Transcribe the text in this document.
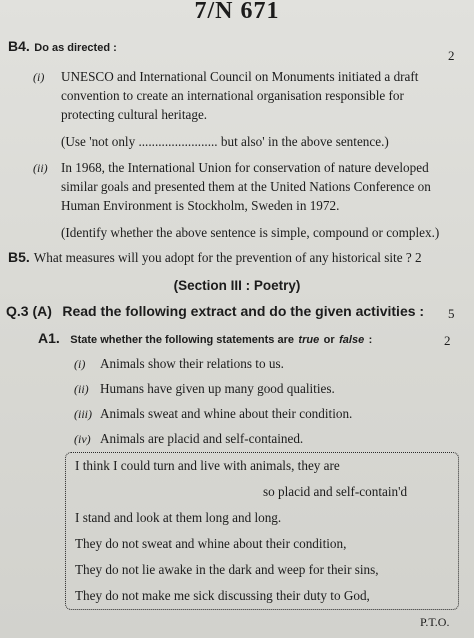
7/N 671
B4. Do as directed :	2
(i) UNESCO and International Council on Monuments initiated a draft
convention to create an international organisation responsible for
protecting cultural heritage.
(Use 'not only ........................ but also' in the above sentence.)
(ii) In 1968, the International Union for conservation of nature developed
similar goals and presented them at the United Nations Conference on
Human Environment is Stockholm, Sweden in 1972.
(Identify whether the above sentence is simple, compound or complex.)
B5. What measures will you adopt for the prevention of any historical site ? 2
(Section III : Poetry)
Q.3 (A) Read the following extract and do the given activities : 5
A1. State whether the following statements are true or false :	2
(i) Animals show their relations to us.
(ii) Humans have given up many good qualities.
(iii) Animals sweat and whine about their condition.
(iv) Animals are placid and self-contained.
I think I could turn and live with animals, they are
so placid and self-contain'd
I stand and look at them long and long.
They do not sweat and whine about their condition,
They do not lie awake in the dark and weep for their sins,
They do not make me sick discussing their duty to God,
P.T.O.
